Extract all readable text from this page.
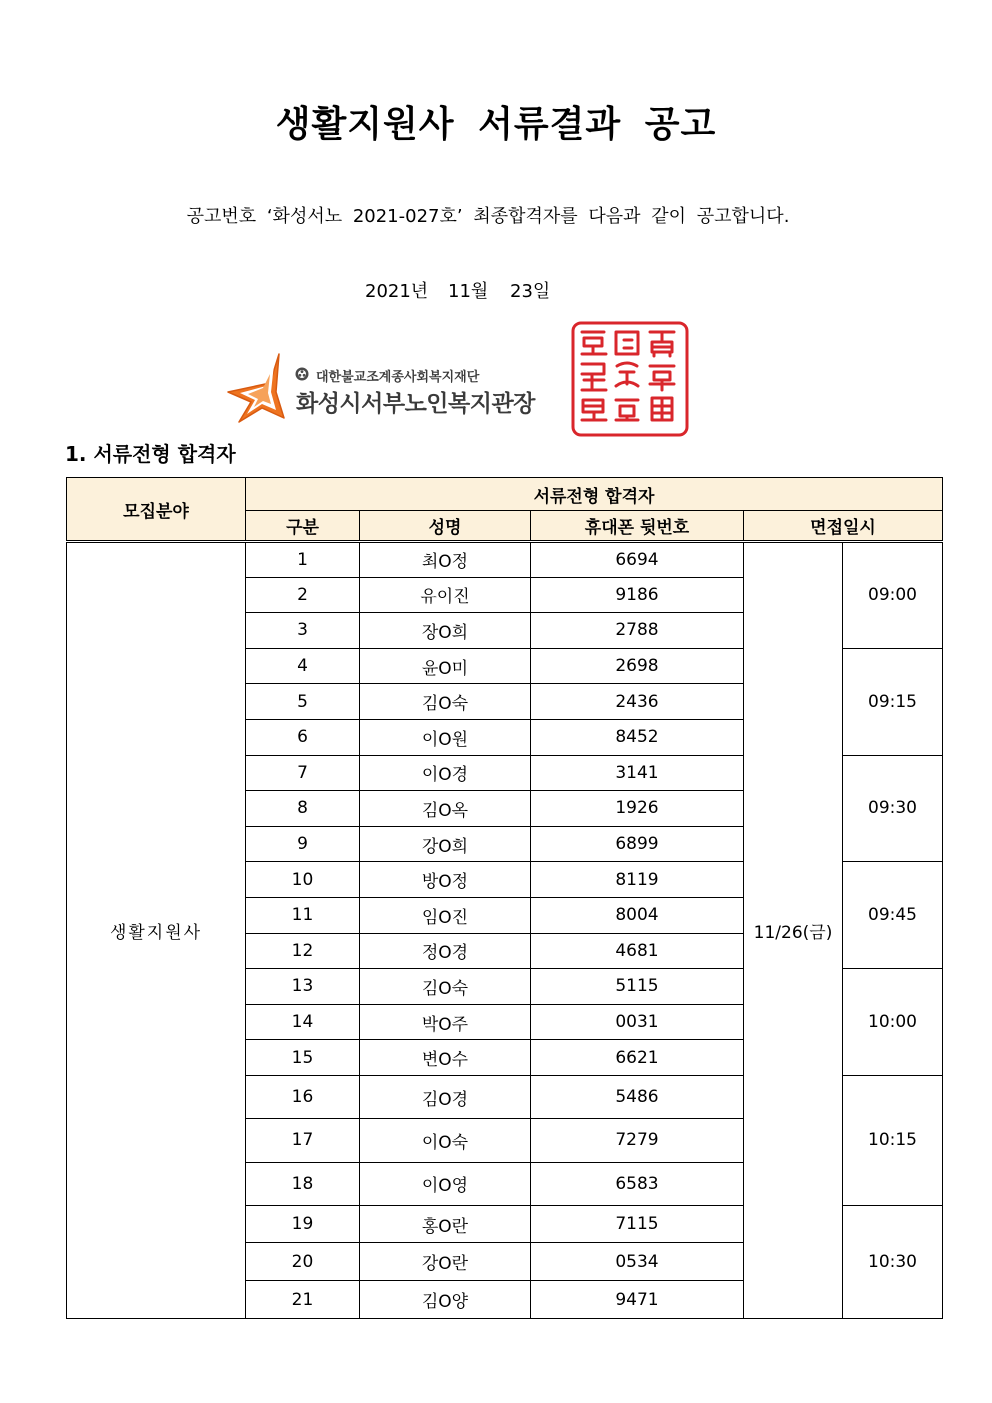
생활지원사 서류결과 공고
공고번호 ‘화성서노 2021-027호’ 최종합격자를 다음과 같이 공고합니다.
2021년 11월 23일
대한불교조계종사회복지재단
화성시서부노인복지관장
1. 서류전형 합격자
모집분야	서류전형 합격자				
	구분	성명	휴대폰 뒷번호	면접일시	
생활지원사	1	최O정	6694	11/26(금)	09:00
	2	유이진	9186		
	3	장O희	2788		
	4	윤O미	2698		09:15
	5	김O숙	2436		
	6	이O원	8452		
	7	이O경	3141		09:30
	8	김O옥	1926		
	9	강O희	6899		
	10	방O정	8119		09:45
	11	임O진	8004		
	12	정O경	4681		
	13	김O숙	5115		10:00
	14	박O주	0031		
	15	변O수	6621		
	16	김O경	5486		10:15
	17	이O숙	7279		
	18	이O영	6583		
	19	홍O란	7115		10:30
	20	강O란	0534		
	21	김O양	9471		
